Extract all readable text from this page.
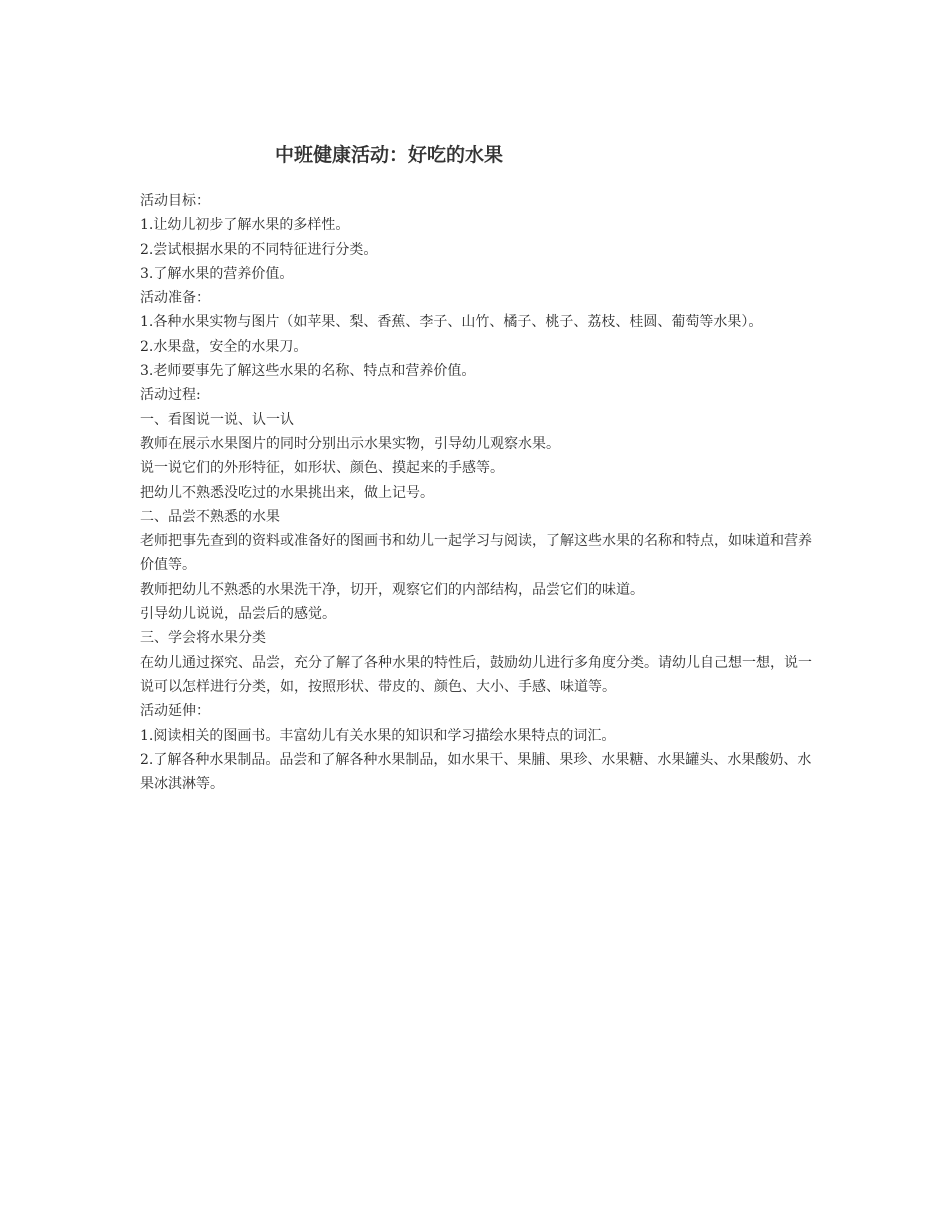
中班健康活动：好吃的水果

活动目标：

1.让幼儿初步了解水果的多样性。

2.尝试根据水果的不同特征进行分类。

3.了解水果的营养价值。

活动准备：

1.各种水果实物与图片（如苹果、梨、香蕉、李子、山竹、橘子、桃子、荔枝、桂圆、葡萄等水果）。

2.水果盘，安全的水果刀。

3.老师要事先了解这些水果的名称、特点和营养价值。

活动过程:

一、看图说一说、认一认

教师在展示水果图片的同时分别出示水果实物，引导幼儿观察水果。

说一说它们的外形特征，如形状、颜色、摸起来的手感等。

把幼儿不熟悉没吃过的水果挑出来，做上记号。

二、品尝不熟悉的水果

老师把事先查到的资料或准备好的图画书和幼儿一起学习与阅读，了解这些水果的名称和特点，如味道和营养价值等。

教师把幼儿不熟悉的水果洗干净，切开，观察它们的内部结构，品尝它们的味道。

引导幼儿说说，品尝后的感觉。

三、学会将水果分类

在幼儿通过探究、品尝，充分了解了各种水果的特性后，鼓励幼儿进行多角度分类。请幼儿自己想一想，说一说可以怎样进行分类，如，按照形状、带皮的、颜色、大小、手感、味道等。

活动延伸：

1.阅读相关的图画书。丰富幼儿有关水果的知识和学习描绘水果特点的词汇。

2.了解各种水果制品。品尝和了解各种水果制品，如水果干、果脯、果珍、水果糖、水果罐头、水果酸奶、水果冰淇淋等。
